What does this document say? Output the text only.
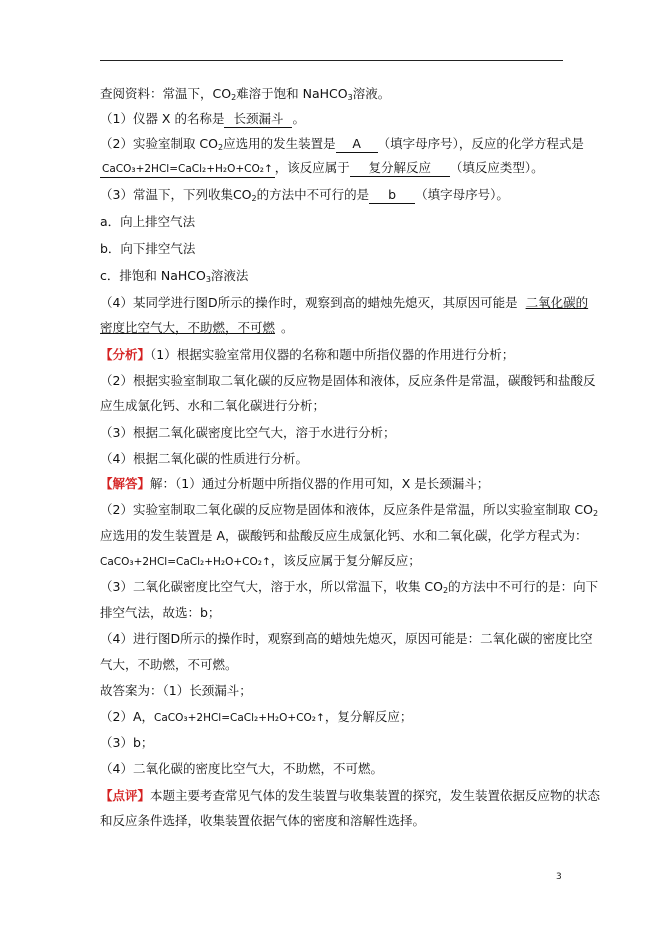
查阅资料：常温下，$CO_2$难溶于饱和 NaHCO$_3$溶液。
（1）仪器 X 的名称是 长颈漏斗 。
（2）实验室制取 $CO_2$应选用的发生装置是 A （填字母序号），反应的化学方程式是
CaCO₃+2HCl=CaCl₂+H₂O+CO₂↑ ，该反应属于 复分解反应 （填反应类型）。
（3）常温下，下列收集$CO_2$的方法中不可行的是 b （填字母序号）。
a．向上排空气法
b．向下排空气法
c．排饱和 NaHCO$_3$溶液法
（4）某同学进行图D所示的操作时，观察到高的蜡烛先熄灭，其原因可能是 二氧化碳的
密度比空气大，不助燃，不可燃 。
【分析】（1）根据实验室常用仪器的名称和题中所指仪器的作用进行分析；
（2）根据实验室制取二氧化碳的反应物是固体和液体，反应条件是常温，碳酸钙和盐酸反
应生成氯化钙、水和二氧化碳进行分析；
（3）根据二氧化碳密度比空气大，溶于水进行分析；
（4）根据二氧化碳的性质进行分析。
【解答】解：（1）通过分析题中所指仪器的作用可知，X 是长颈漏斗；
（2）实验室制取二氧化碳的反应物是固体和液体，反应条件是常温，所以实验室制取 $CO_2$
应选用的发生装置是 A，碳酸钙和盐酸反应生成氯化钙、水和二氧化碳，化学方程式为：
CaCO₃+2HCl=CaCl₂+H₂O+CO₂↑，该反应属于复分解反应；
（3）二氧化碳密度比空气大，溶于水，所以常温下，收集 $CO_2$的方法中不可行的是：向下
排空气法，故选：b；
（4）进行图D所示的操作时，观察到高的蜡烛先熄灭，原因可能是：二氧化碳的密度比空
气大，不助燃，不可燃。
故答案为：（1）长颈漏斗；
（2）A，CaCO₃+2HCl=CaCl₂+H₂O+CO₂↑，复分解反应；
（3）b；
（4）二氧化碳的密度比空气大，不助燃，不可燃。
【点评】本题主要考查常见气体的发生装置与收集装置的探究，发生装置依据反应物的状态
和反应条件选择，收集装置依据气体的密度和溶解性选择。
3
